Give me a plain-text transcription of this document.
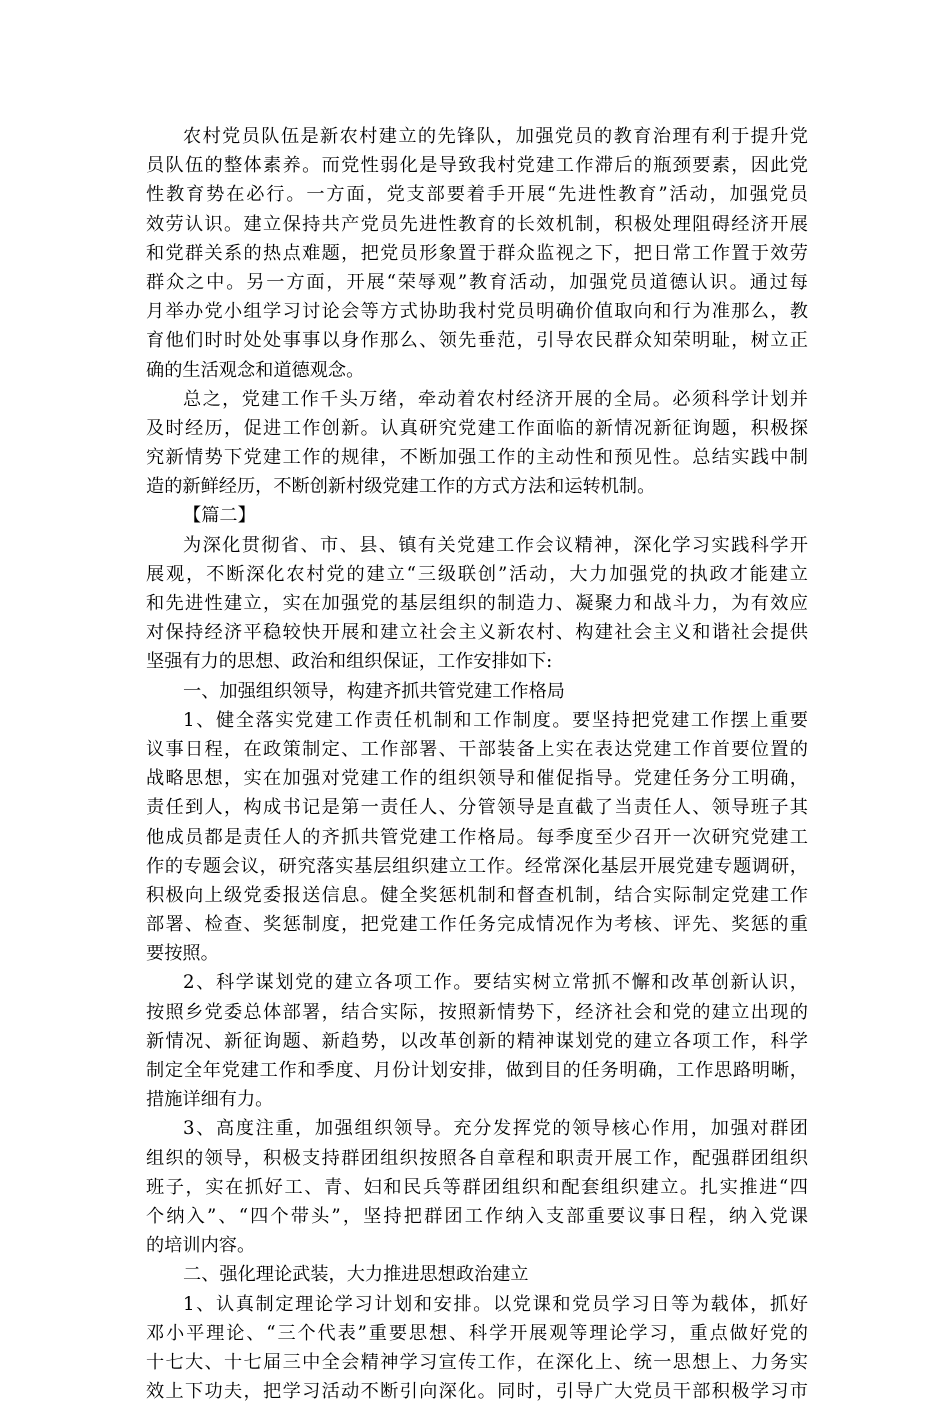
农村党员队伍是新农村建立的先锋队，加强党员的教育治理有利于提升党
员队伍的整体素养。而党性弱化是导致我村党建工作滞后的瓶颈要素，因此党
性教育势在必行。一方面，党支部要着手开展“先进性教育”活动，加强党员
效劳认识。建立保持共产党员先进性教育的长效机制，积极处理阻碍经济开展
和党群关系的热点难题，把党员形象置于群众监视之下，把日常工作置于效劳
群众之中。另一方面，开展“荣辱观”教育活动，加强党员道德认识。通过每
月举办党小组学习讨论会等方式协助我村党员明确价值取向和行为准那么，教
育他们时时处处事事以身作那么、领先垂范，引导农民群众知荣明耻，树立正
确的生活观念和道德观念。
总之，党建工作千头万绪，牵动着农村经济开展的全局。必须科学计划并
及时经历，促进工作创新。认真研究党建工作面临的新情况新征询题，积极探
究新情势下党建工作的规律，不断加强工作的主动性和预见性。总结实践中制
造的新鲜经历，不断创新村级党建工作的方式方法和运转机制。
【篇二】
为深化贯彻省、市、县、镇有关党建工作会议精神，深化学习实践科学开
展观，不断深化农村党的建立“三级联创”活动，大力加强党的执政才能建立
和先进性建立，实在加强党的基层组织的制造力、凝聚力和战斗力，为有效应
对保持经济平稳较快开展和建立社会主义新农村、构建社会主义和谐社会提供
坚强有力的思想、政治和组织保证，工作安排如下:
一、加强组织领导，构建齐抓共管党建工作格局
1、健全落实党建工作责任机制和工作制度。要坚持把党建工作摆上重要
议事日程，在政策制定、工作部署、干部装备上实在表达党建工作首要位置的
战略思想，实在加强对党建工作的组织领导和催促指导。党建任务分工明确，
责任到人，构成书记是第一责任人、分管领导是直截了当责任人、领导班子其
他成员都是责任人的齐抓共管党建工作格局。每季度至少召开一次研究党建工
作的专题会议，研究落实基层组织建立工作。经常深化基层开展党建专题调研，
积极向上级党委报送信息。健全奖惩机制和督查机制，结合实际制定党建工作
部署、检查、奖惩制度，把党建工作任务完成情况作为考核、评先、奖惩的重
要按照。
2、科学谋划党的建立各项工作。要结实树立常抓不懈和改革创新认识，
按照乡党委总体部署，结合实际，按照新情势下，经济社会和党的建立出现的
新情况、新征询题、新趋势，以改革创新的精神谋划党的建立各项工作，科学
制定全年党建工作和季度、月份计划安排，做到目的任务明确，工作思路明晰，
措施详细有力。
3、高度注重，加强组织领导。充分发挥党的领导核心作用，加强对群团
组织的领导，积极支持群团组织按照各自章程和职责开展工作，配强群团组织
班子，实在抓好工、青、妇和民兵等群团组织和配套组织建立。扎实推进“四
个纳入”、“四个带头”，坚持把群团工作纳入支部重要议事日程，纳入党课
的培训内容。
二、强化理论武装，大力推进思想政治建立
1、认真制定理论学习计划和安排。以党课和党员学习日等为载体，抓好
邓小平理论、“三个代表”重要思想、科学开展观等理论学习，重点做好党的
十七大、十七届三中全会精神学习宣传工作，在深化上、统一思想上、力务实
效上下功夫，把学习活动不断引向深化。同时，引导广大党员干部积极学习市
